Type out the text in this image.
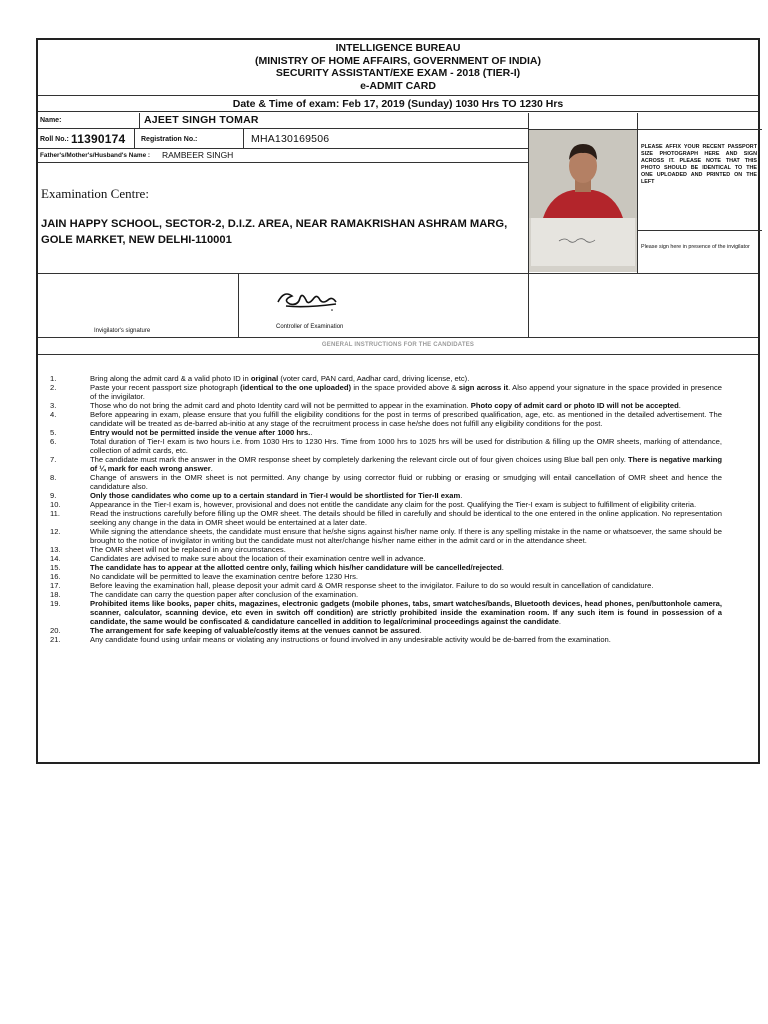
INTELLIGENCE BUREAU
(MINISTRY OF HOME AFFAIRS, GOVERNMENT OF INDIA)
SECURITY ASSISTANT/EXE EXAM - 2018 (TIER-I)
e-ADMIT CARD
Date & Time of exam: Feb 17, 2019 (Sunday) 1030 Hrs TO 1230 Hrs
Name:	AJEET SINGH TOMAR
Roll No.: 11390174 Registration No.:	MHA130169506
Father's/Mother's/Husband's Name : RAMBEER SINGH
Examination Centre:
JAIN HAPPY SCHOOL, SECTOR-2, D.I.Z. AREA, NEAR RAMAKRISHAN ASHRAM MARG, GOLE MARKET, NEW DELHI-110001
PLEASE AFFIX YOUR RECENT PASSPORT SIZE PHOTOGRAPH HERE AND SIGN ACROSS IT. PLEASE NOTE THAT THIS PHOTO SHOULD BE IDENTICAL TO THE ONE UPLOADED AND PRINTED ON THE LEFT
Please sign here in presence of the invigilator
Invigilator's signature
Controller of Examination
GENERAL INSTRUCTIONS FOR THE CANDIDATES
1.	Bring along the admit card & a valid photo ID in original (voter card, PAN card, Aadhar card, driving license, etc).
2.	Paste your recent passport size photograph (identical to the one uploaded) in the space provided above & sign across it. Also append your signature in the space provided in presence of the invigilator.
3.	Those who do not bring the admit card and photo Identity card will not be permitted to appear in the examination. Photo copy of admit card or photo ID will not be accepted.
4.	Before appearing in exam, please ensure that you fulfill the eligibility conditions for the post in terms of prescribed qualification, age, etc. as mentioned in the detailed advertisement. The candidate will be treated as de-barred ab-initio at any stage of the recruitment process in case he/she does not fulfill any eligibility conditions for the post.
5.	Entry would not be permitted inside the venue after 1000 hrs..
6.	Total duration of Tier-I exam is two hours i.e. from 1030 Hrs to 1230 Hrs. Time from 1000 hrs to 1025 hrs will be used for distribution & filling up the OMR sheets, marking of attendance, collection of admit cards, etc.
7.	The candidate must mark the answer in the OMR response sheet by completely darkening the relevant circle out of four given choices using Blue ball pen only. There is negative marking of ¼ mark for each wrong answer.
8.	Change of answers in the OMR sheet is not permitted. Any change by using corrector fluid or rubbing or erasing or smudging will entail cancellation of OMR sheet and hence the candidature also.
9.	Only those candidates who come up to a certain standard in Tier-I would be shortlisted for Tier-II exam.
10.	Appearance in the Tier-I exam is, however, provisional and does not entitle the candidate any claim for the post. Qualifying the Tier-I exam is subject to fulfillment of eligibility criteria.
11.	Read the instructions carefully before filling up the OMR sheet. The details should be filled in carefully and should be identical to the one entered in the online application. No representation seeking any change in the data in OMR sheet would be entertained at a later date.
12.	While signing the attendance sheets, the candidate must ensure that he/she signs against his/her name only. If there is any spelling mistake in the name or whatsoever, the same should be brought to the notice of invigilator in writing but the candidate must not alter/change his/her name either in the admit card or in the attendance sheet.
13.	The OMR sheet will not be replaced in any circumstances.
14.	Candidates are advised to make sure about the location of their examination centre well in advance.
15.	The candidate has to appear at the allotted centre only, failing which his/her candidature will be cancelled/rejected.
16.	No candidate will be permitted to leave the examination centre before 1230 Hrs.
17.	Before leaving the examination hall, please deposit your admit card & OMR response sheet to the invigilator. Failure to do so would result in cancellation of candidature.
18.	The candidate can carry the question paper after conclusion of the examination.
19.	Prohibited items like books, paper chits, magazines, electronic gadgets (mobile phones, tabs, smart watches/bands, Bluetooth devices, head phones, pen/buttonhole camera, scanner, calculator, scanning device, etc even in switch off condition) are strictly prohibited inside the examination room. If any such item is found in possession of a candidate, the same would be confiscated & candidature cancelled in addition to legal/criminal proceedings against the candidate.
20.	The arrangement for safe keeping of valuable/costly items at the venues cannot be assured.
21.	Any candidate found using unfair means or violating any instructions or found involved in any undesirable activity would be de-barred from the examination.
